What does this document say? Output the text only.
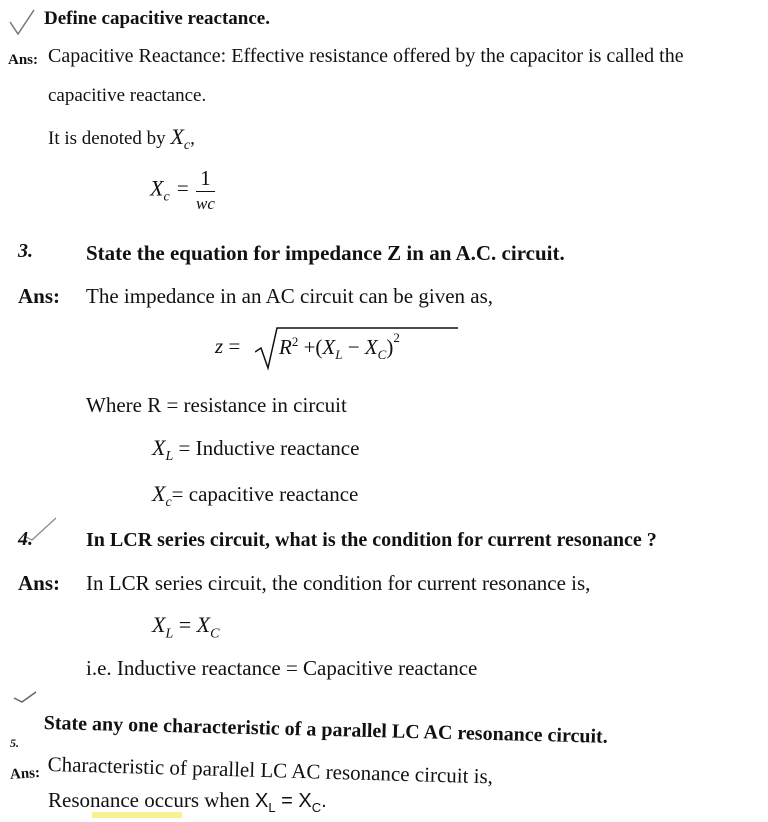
Define capacitive reactance.
Ans: Capacitive Reactance: Effective resistance offered by the capacitor is called the
capacitive reactance.
It is denoted by $X_c$,
$X_c = \frac{1}{wc}$
3.	State the equation for impedance Z in an A.C. circuit.
Ans: The impedance in an AC circuit can be given as,
$z = R^2 +(X_L - X_C)^2$
Where R = resistance in circuit
$X_L$ = Inductive reactance
$X_c=$ capacitive reactance
4.	In LCR series circuit, what is the condition for current resonance ?
Ans: In LCR series circuit, the condition for current resonance is,
$X_L = X_C$
i.e. Inductive reactance = Capacitive reactance
5. State any one characteristic of a parallel LC AC resonance circuit.
Ans: Characteristic of parallel LC AC resonance circuit is,
Resonance occurs when $X_L = X_C$.
